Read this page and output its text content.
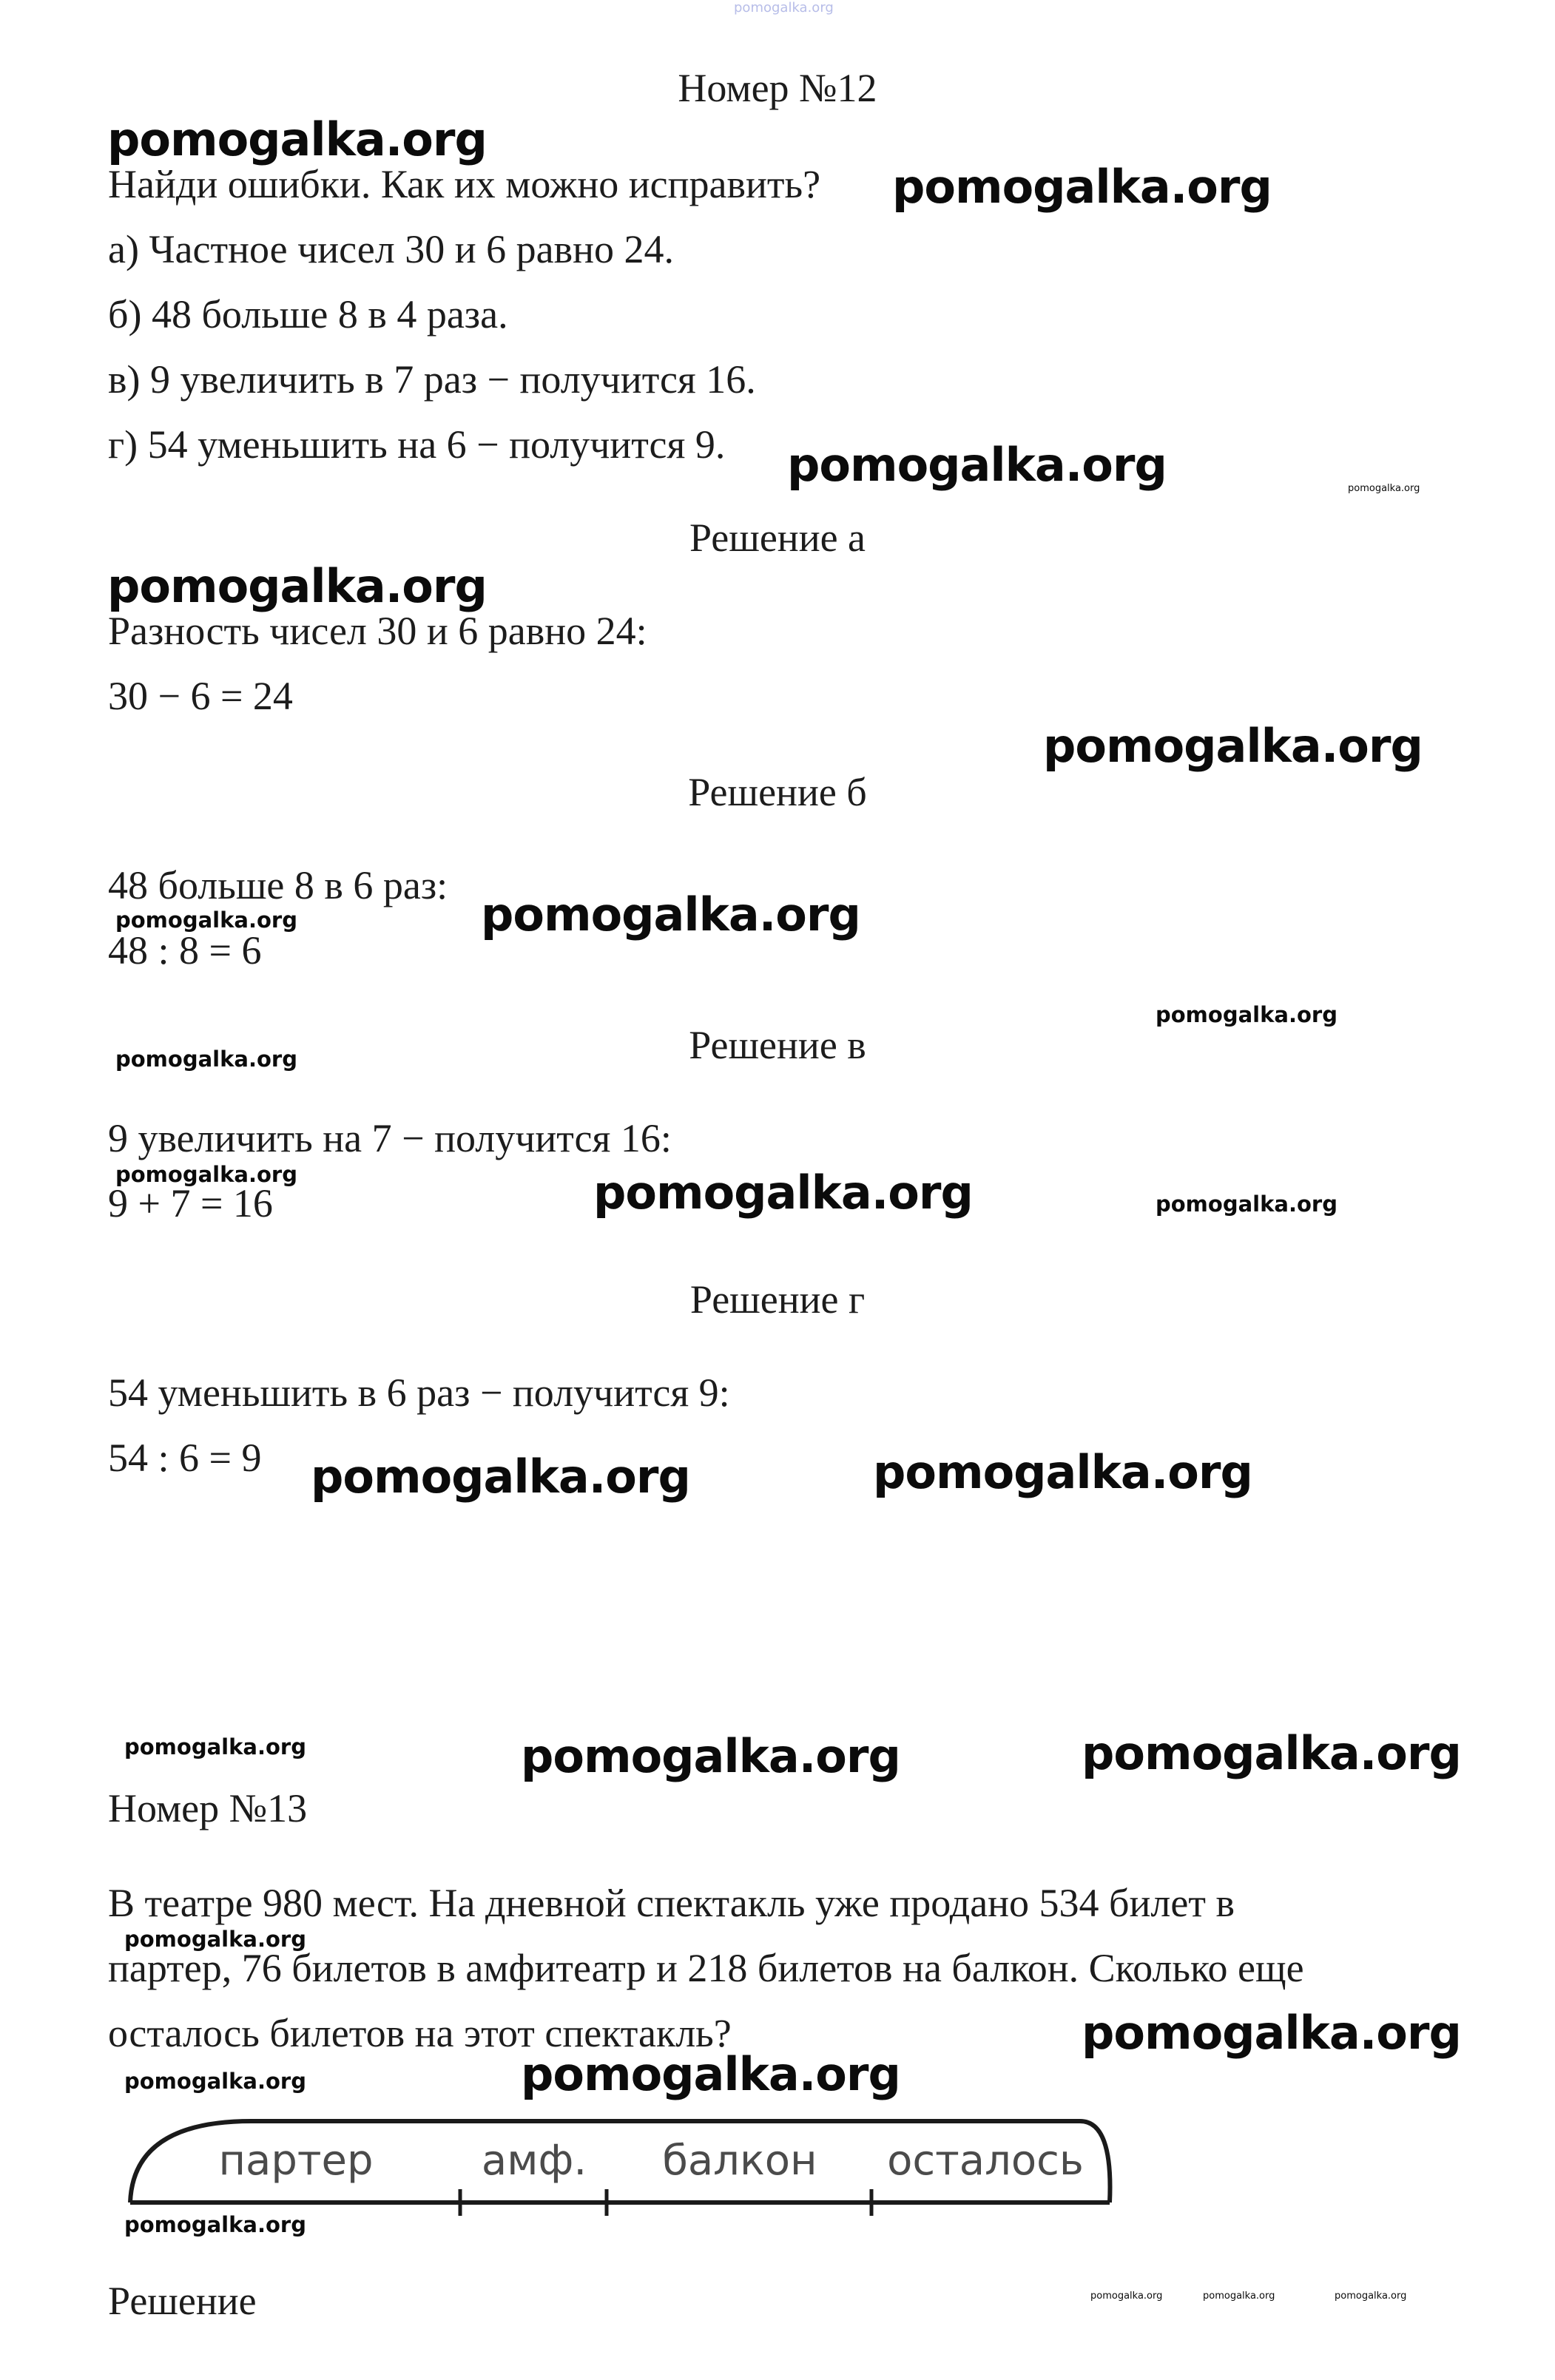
pomogalka.org
Номер №12
Найди ошибки. Как их можно исправить?
а) Частное чисел 30 и 6 равно 24.
б) 48 больше 8 в 4 раза.
в) 9 увеличить в 7 раз − получится 16.
г) 54 уменьшить на 6 − получится 9.
Решение а
Разность чисел 30 и 6 равно 24:
30 − 6 = 24
Решение б
48 больше 8 в 6 раз:
48 : 8 = 6
Решение в
9 увеличить на 7 − получится 16:
9 + 7 = 16
Решение г
54 уменьшить в 6 раз − получится 9:
54 : 6 = 9
Номер №13
В театре 980 мест. На дневной спектакль уже продано 534 билет в
партер, 76 билетов в амфитеатр и 218 билетов на балкон. Сколько еще
осталось билетов на этот спектакль?
партер	амф. балкон осталось
Решение
pomogalka.org
pomogalka.org
pomogalka.org	pomogalka.org
pomogalka.org
pomogalka.org
pomogalka.org	pomogalka.org
pomogalka.org
pomogalka.org
pomogalka.org	pomogalka.org	pomogalka.org
pomogalka.org	pomogalka.org
pomogalka.org	pomogalka.org	pomogalka.org
pomogalka.org
pomogalka.org
pomogalka.org	pomogalka.org
pomogalka.org
pomogalka.org	pomogalka.org	pomogalka.org
